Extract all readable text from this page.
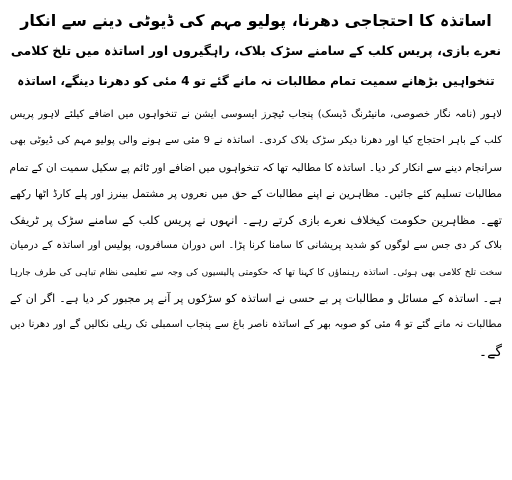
اساتذہ کا احتجاجی دھرنا، پولیو مہم کی ڈیوٹی دینے سے انکار
نعرے بازی، پریس کلب کے سامنے سڑک بلاک، راہگیروں اور اساتذہ میں تلخ کلامی
تنخواہیں بڑھانے سمیت تمام مطالبات نہ مانے گئے تو 4 مئی کو دھرنا دینگے، اساتذہ
لاہور (نامہ نگار خصوصی، مانیٹرنگ ڈیسک) پنجاب ٹیچرز ایسوسی ایشن نے تنخواہوں میں اضافے کیلئے لاہور پریس
کلب کے باہر احتجاج کیا اور دھرنا دیکر سڑک بلاک کردی۔ اساتذہ نے 9 مئی سے ہونے والی پولیو مہم کی ڈیوٹی بھی
سرانجام دینے سے انکار کر دیا۔ اساتذہ کا مطالبہ تھا کہ تنخواہوں میں اضافے اور ٹائم پے سکیل سمیت ان کے تمام
مطالبات تسلیم کئے جائیں۔ مظاہرین نے اپنے مطالبات کے حق میں نعروں پر مشتمل بینرز اور پلے کارڈ اٹھا رکھے
تھے۔ مظاہرین حکومت کیخلاف نعرے بازی کرتے رہے۔ انہوں نے پریس کلب کے سامنے سڑک پر ٹریفک
بلاک کر دی جس سے لوگوں کو شدید پریشانی کا سامنا کرنا پڑا۔ اس دوران مسافروں، پولیس اور اساتذہ کے درمیان
سخت تلخ کلامی بھی ہوئی۔ اساتذہ رہنماؤں کا کہنا تھا کہ حکومتی پالیسیوں کی وجہ سے تعلیمی نظام تباہی کی طرف جارہا
ہے۔ اساتذہ کے مسائل و مطالبات پر بے حسی نے اساتذہ کو سڑکوں پر آنے پر مجبور کر دیا ہے۔ اگر ان کے
مطالبات نہ مانے گئے تو 4 مئی کو صوبہ بھر کے اساتذہ ناصر باغ سے پنجاب اسمبلی تک ریلی نکالیں گے اور دھرنا دیں
گے۔
